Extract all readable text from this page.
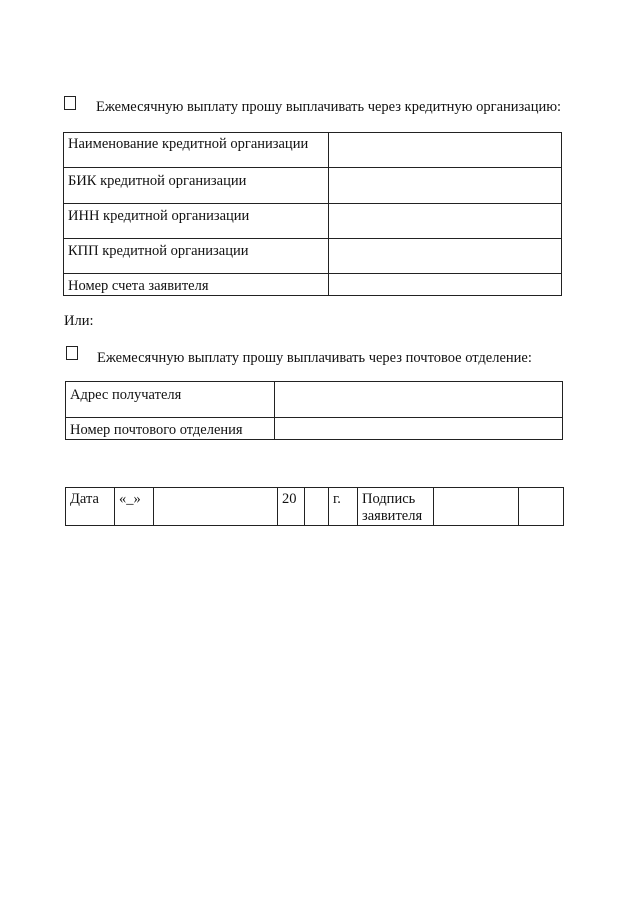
Ежемесячную выплату прошу выплачивать через кредитную организацию:
Наименование кредитной организации	
БИК кредитной организации	
ИНН кредитной организации	
КПП кредитной организации	
Номер счета заявителя	
Или:
Ежемесячную выплату прошу выплачивать через почтовое отделение:
Адрес получателя	
Номер почтового отделения	
Дата	«_»		20		г.	Подпись заявителя		
